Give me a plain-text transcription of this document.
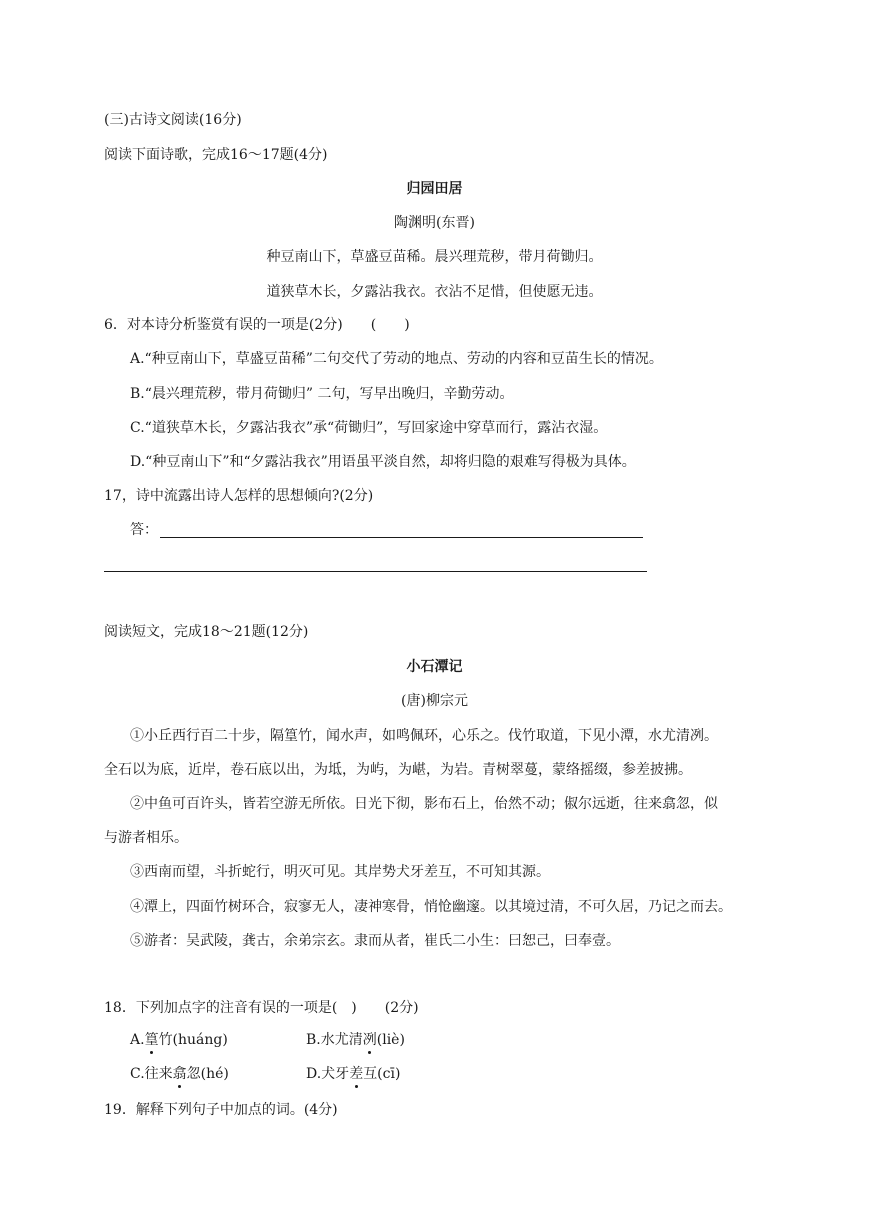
(三)古诗文阅读(16分)
阅读下面诗歌，完成16～17题(4分)
归园田居
陶渊明(东晋)
种豆南山下，草盛豆苗稀。晨兴理荒秽，带月荷锄归。
道狭草木长，夕露沾我衣。衣沾不足惜，但使愿无违。
6．对本诗分析鉴赏有误的一项是(2分)　　(　　)
A.“种豆南山下，草盛豆苗稀”二句交代了劳动的地点、劳动的内容和豆苗生长的情况。
B.“晨兴理荒秽，带月荷锄归” 二句，写早出晚归，辛勤劳动。
C.“道狭草木长，夕露沾我衣”承“荷锄归”，写回家途中穿草而行，露沾衣湿。
D.“种豆南山下”和“夕露沾我衣”用语虽平淡自然，却将归隐的艰难写得极为具体。
17，诗中流露出诗人怎样的思想倾向?(2分)
答：
阅读短文，完成18～21题(12分)
小石潭记
(唐)柳宗元
①小丘西行百二十步，隔篁竹，闻水声，如鸣佩环，心乐之。伐竹取道，下见小潭，水尤清冽。
全石以为底，近岸，卷石底以出，为坻，为屿，为嵁，为岩。青树翠蔓，蒙络摇缀，参差披拂。
②中鱼可百许头，皆若空游无所依。日光下彻，影布石上，佁然不动；俶尔远逝，往来翕忽，似
与游者相乐。
③西南而望，斗折蛇行，明灭可见。其岸势犬牙差互，不可知其源。
④潭上，四面竹树环合，寂寥无人，凄神寒骨，悄怆幽邃。以其境过清，不可久居，乃记之而去。
⑤游者：吴武陵，龚古，余弟宗玄。隶而从者，崔氏二小生：曰恕己，曰奉壹。
18．下列加点字的注音有误的一项是(　)　　(2分)
A.篁竹(huáng)	B.水尤清冽(liè)
C.往来翕忽(hé)	D.犬牙差互(cī)
19．解释下列句子中加点的词。(4分)
